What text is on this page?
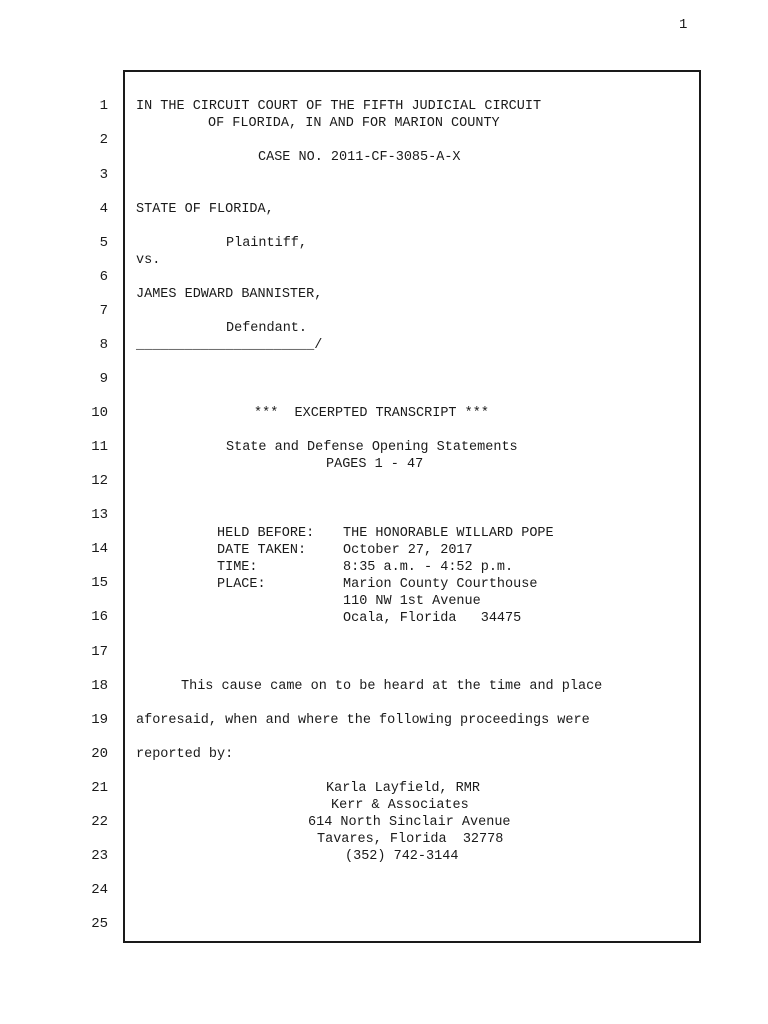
1
1
2
3
4
5
6
7
8
9
10
11
12
13
14
15
16
17
18
19
20
21
22
23
24
25
IN THE CIRCUIT COURT OF THE FIFTH JUDICIAL CIRCUIT
OF FLORIDA, IN AND FOR MARION COUNTY
CASE NO. 2011-CF-3085-A-X
STATE OF FLORIDA,
Plaintiff,
vs.
JAMES EDWARD BANNISTER,
Defendant.
______________________/
***  EXCERPTED TRANSCRIPT ***
State and Defense Opening Statements
PAGES 1 - 47
HELD BEFORE: THE HONORABLE WILLARD POPE
DATE TAKEN:	October 27, 2017
TIME:	8:35 a.m. - 4:52 p.m.
PLACE:	Marion County Courthouse
110 NW 1st Avenue
Ocala, Florida   34475
This cause came on to be heard at the time and place
aforesaid, when and where the following proceedings were
reported by:
Karla Layfield, RMR
Kerr & Associates
614 North Sinclair Avenue
Tavares, Florida  32778
(352) 742-3144
